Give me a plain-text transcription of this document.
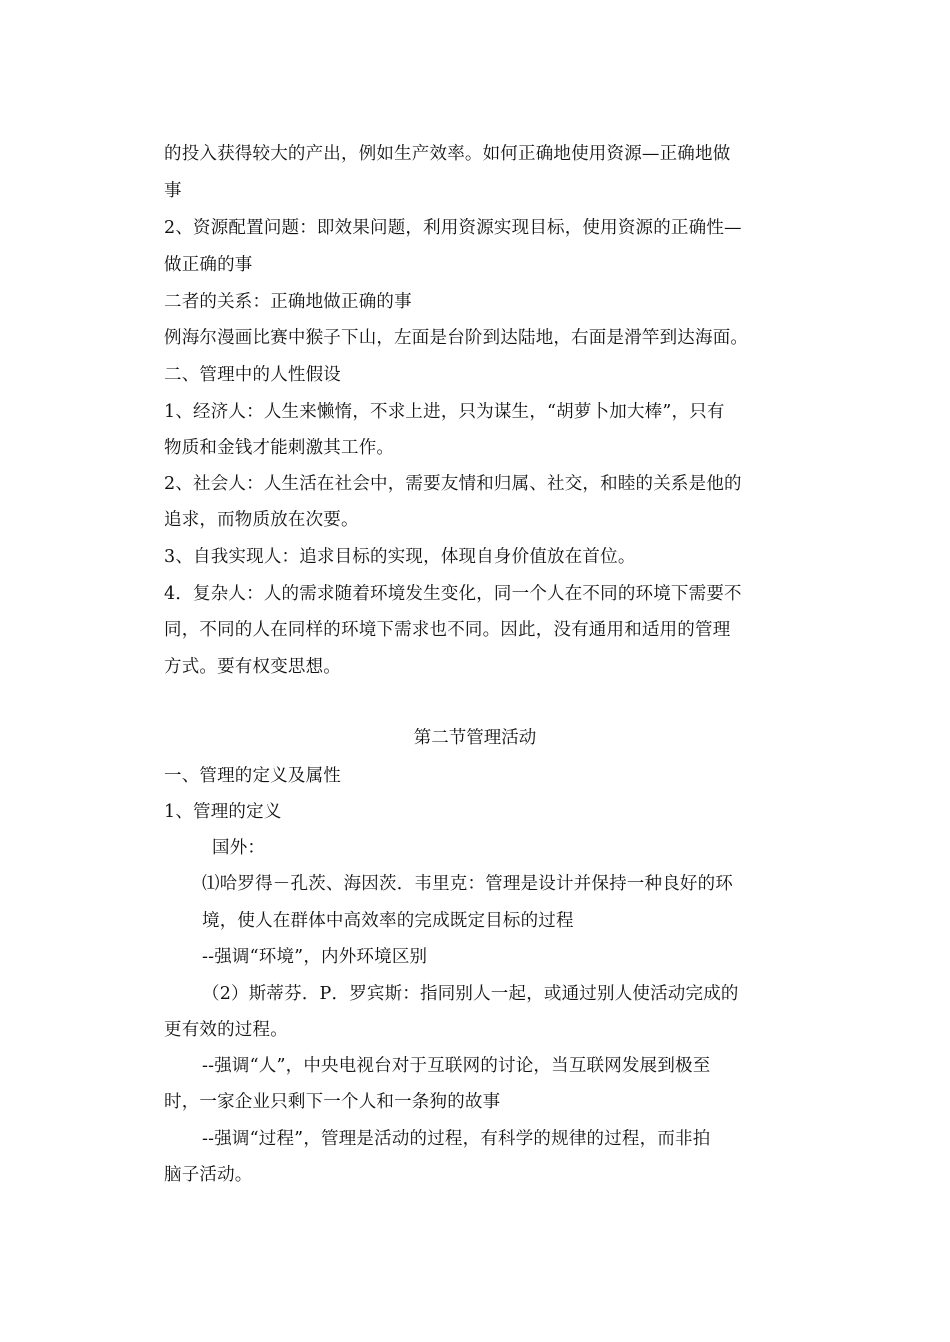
的投入获得较大的产出，例如生产效率。如何正确地使用资源—正确地做
事
2、资源配置问题：即效果问题，利用资源实现目标，使用资源的正确性—
做正确的事
二者的关系：正确地做正确的事
例海尔漫画比赛中猴子下山，左面是台阶到达陆地，右面是滑竿到达海面。
二、管理中的人性假设
1、经济人：人生来懒惰，不求上进，只为谋生，“胡萝卜加大棒”，只有
物质和金钱才能刺激其工作。
2、社会人：人生活在社会中，需要友情和归属、社交，和睦的关系是他的
追求，而物质放在次要。
3、自我实现人：追求目标的实现，体现自身价值放在首位。
4．复杂人：人的需求随着环境发生变化，同一个人在不同的环境下需要不
同，不同的人在同样的环境下需求也不同。因此，没有通用和适用的管理
方式。要有权变思想。
第二节管理活动
一、管理的定义及属性
1、管理的定义
国外：
⑴哈罗得－孔茨、海因茨．韦里克：管理是设计并保持一种良好的环
境，使人在群体中高效率的完成既定目标的过程
--强调“环境”，内外环境区别
（2）斯蒂芬．P．罗宾斯：指同别人一起，或通过别人使活动完成的
更有效的过程。
--强调“人”，中央电视台对于互联网的讨论，当互联网发展到极至
时，一家企业只剩下一个人和一条狗的故事
--强调“过程”，管理是活动的过程，有科学的规律的过程，而非拍
脑子活动。
